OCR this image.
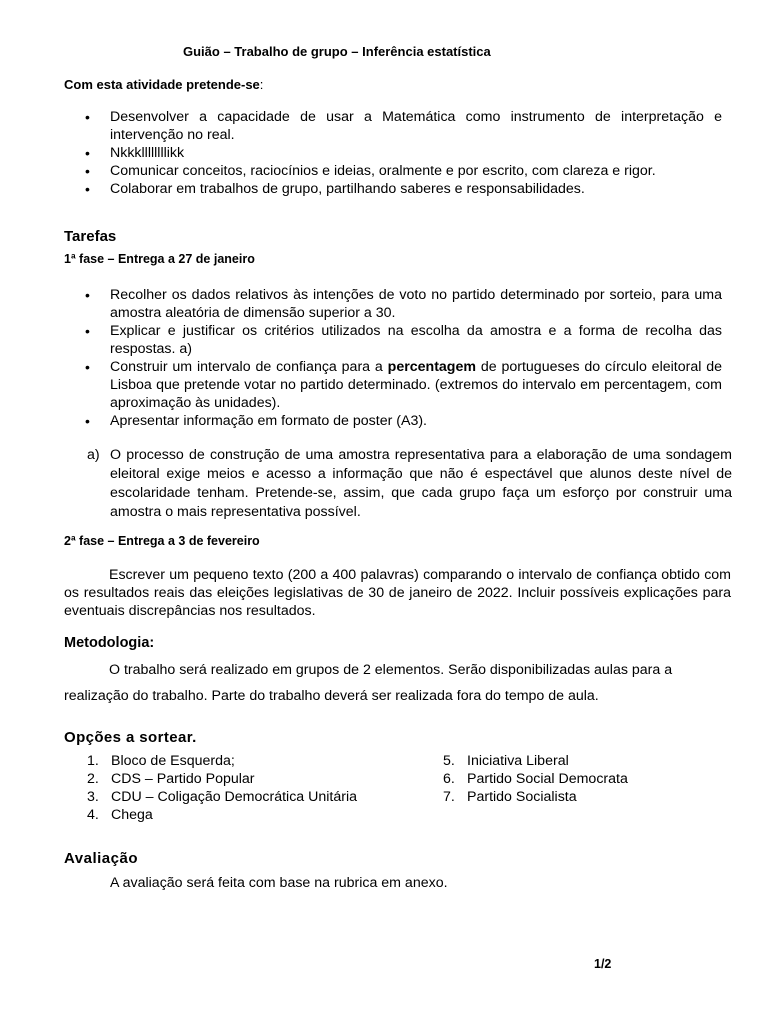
Guião – Trabalho de grupo – Inferência estatística
Com esta atividade pretende-se:
• Desenvolver a capacidade de usar a Matemática como instrumento de interpretação e intervenção no real.
• Nkkkllllllllikk
• Comunicar conceitos, raciocínios e ideias, oralmente e por escrito, com clareza e rigor.
• Colaborar em trabalhos de grupo, partilhando saberes e responsabilidades.
Tarefas
1ª fase – Entrega a 27 de janeiro
• Recolher os dados relativos às intenções de voto no partido determinado por sorteio, para uma amostra aleatória de dimensão superior a 30.
• Explicar e justificar os critérios utilizados na escolha da amostra e a forma de recolha das respostas. a)
• Construir um intervalo de confiança para a percentagem de portugueses do círculo eleitoral de Lisboa que pretende votar no partido determinado. (extremos do intervalo em percentagem, com aproximação às unidades).
• Apresentar informação em formato de poster (A3).
a) O processo de construção de uma amostra representativa para a elaboração de uma sondagem eleitoral exige meios e acesso a informação que não é espectável que alunos deste nível de escolaridade tenham. Pretende-se, assim, que cada grupo faça um esforço por construir uma amostra o mais representativa possível.
2ª fase – Entrega a 3 de fevereiro
Escrever um pequeno texto (200 a 400 palavras) comparando o intervalo de confiança obtido com os resultados reais das eleições legislativas de 30 de janeiro de 2022. Incluir possíveis explicações para eventuais discrepâncias nos resultados.
Metodologia:
O trabalho será realizado em grupos de 2 elementos. Serão disponibilizadas aulas para a realização do trabalho. Parte do trabalho deverá ser realizada fora do tempo de aula.
Opções a sortear.
1. Bloco de Esquerda;
2. CDS – Partido Popular
3. CDU – Coligação Democrática Unitária
4. Chega
5. Iniciativa Liberal
6. Partido Social Democrata
7. Partido Socialista
Avaliação
A avaliação será feita com base na rubrica em anexo.
1/2
